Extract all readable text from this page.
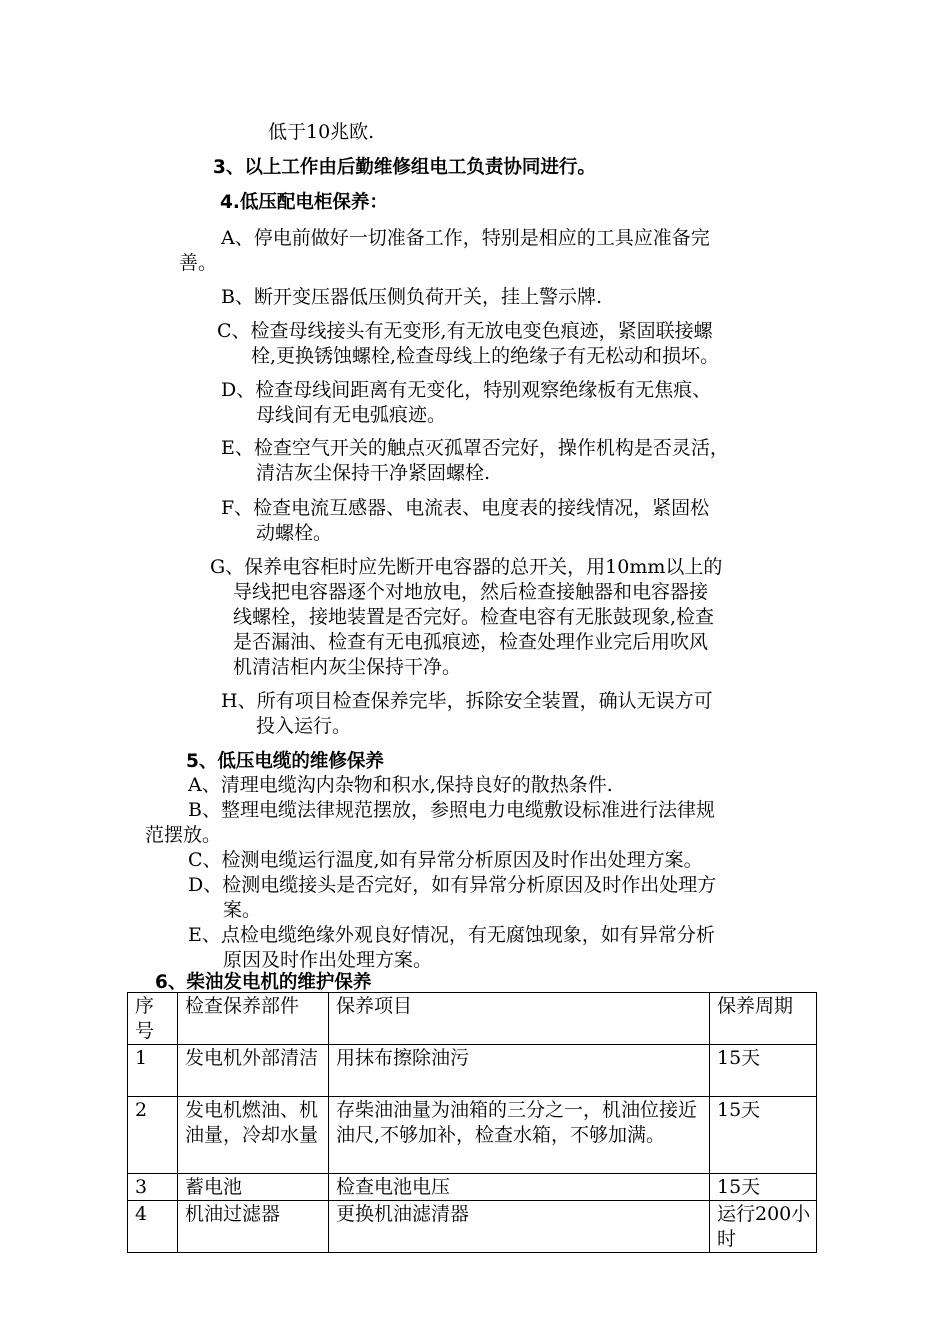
低于10兆欧.
3、以上工作由后勤维修组电工负责协同进行。
4.低压配电柜保养：
A、停电前做好一切准备工作，特别是相应的工具应准备完
善。
B、断开变压器低压侧负荷开关，挂上警示牌.
C、检查母线接头有无变形,有无放电变色痕迹，紧固联接螺
栓,更换锈蚀螺栓,检查母线上的绝缘子有无松动和损坏。
D、检查母线间距离有无变化，特别观察绝缘板有无焦痕、
母线间有无电弧痕迹。
E、检查空气开关的触点灭孤罩否完好，操作机构是否灵活，
清洁灰尘保持干净紧固螺栓.
F、检查电流互感器、电流表、电度表的接线情况，紧固松
动螺栓。
G、保养电容柜时应先断开电容器的总开关，用10mm以上的
导线把电容器逐个对地放电，然后检查接触器和电容器接
线螺栓，接地装置是否完好。检查电容有无胀鼓现象,检查
是否漏油、检查有无电孤痕迹，检查处理作业完后用吹风
机清洁柜内灰尘保持干净。
H、所有项目检查保养完毕，拆除安全装置，确认无误方可
投入运行。
5、低压电缆的维修保养
A、清理电缆沟内杂物和积水,保持良好的散热条件.
B、整理电缆法律规范摆放，参照电力电缆敷设标准进行法律规
范摆放。
C、检测电缆运行温度,如有异常分析原因及时作出处理方案。
D、检测电缆接头是否完好，如有异常分析原因及时作出处理方
案。
E、点检电缆绝缘外观良好情况，有无腐蚀现象，如有异常分析
原因及时作出处理方案。
6、柴油发电机的维护保养
序号	检查保养部件	保养项目	保养周期
1	发电机外部清洁	用抹布擦除油污	15天
2	发电机燃油、机油量，冷却水量	存柴油油量为油箱的三分之一，机油位接近油尺,不够加补，检查水箱，不够加满。	15天
3	蓄电池	检查电池电压	15天
4	机油过滤器	更换机油滤清器	运行200小时
